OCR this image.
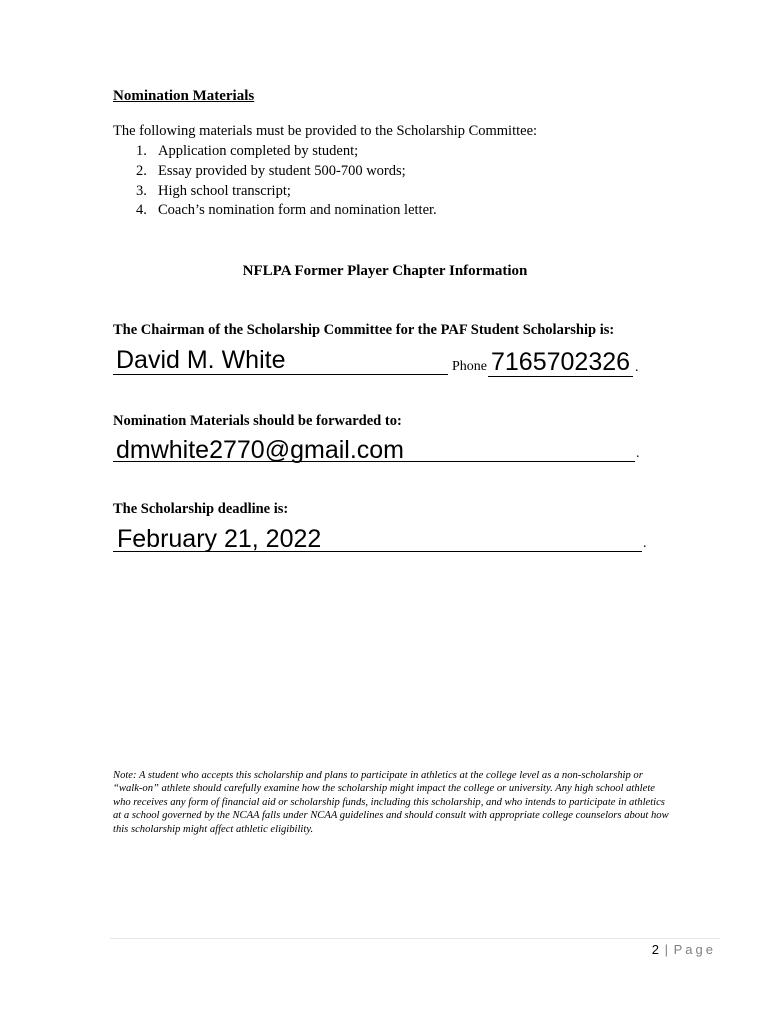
Nomination Materials
The following materials must be provided to the Scholarship Committee:
1. Application completed by student;
2. Essay provided by student 500-700 words;
3. High school transcript;
4. Coach’s nomination form and nomination letter.
NFLPA Former Player Chapter Information
The Chairman of the Scholarship Committee for the PAF Student Scholarship is:
David M. White	Phone 7165702326 .
Nomination Materials should be forwarded to:
dmwhite2770@gmail.com	.
The Scholarship deadline is:
February 21, 2022	.
Note: A student who accepts this scholarship and plans to participate in athletics at the college level as a non-scholarship or “walk-on” athlete should carefully examine how the scholarship might impact the college or university. Any high school athlete who receives any form of financial aid or scholarship funds, including this scholarship, and who intends to participate in athletics at a school governed by the NCAA falls under NCAA guidelines and should consult with appropriate college counselors about how this scholarship might affect athletic eligibility.
2 | Page
